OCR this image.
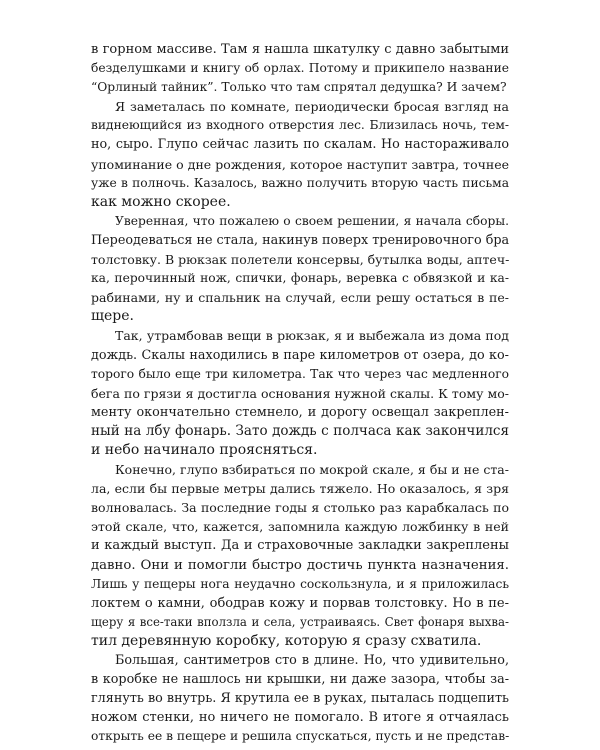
в горном массиве. Там я нашла шкатулку с давно забытыми
безделушками и книгу об орлах. Потому и прикипело название
“Орлиный тайник”. Только что там спрятал дедушка? И зачем?
Я заметалась по комнате, периодически бросая взгляд на
виднеющийся из входного отверстия лес. Близилась ночь, тем-
но, сыро. Глупо сейчас лазить по скалам. Но настораживало
упоминание о дне рождения, которое наступит завтра, точнее
уже в полночь. Казалось, важно получить вторую часть письма
как можно скорее.
Уверенная, что пожалею о своем решении, я начала сборы.
Переодеваться не стала, накинув поверх тренировочного бра
толстовку. В рюкзак полетели консервы, бутылка воды, аптеч-
ка, перочинный нож, спички, фонарь, веревка с обвязкой и ка-
рабинами, ну и спальник на случай, если решу остаться в пе-
щере.
Так, утрамбовав вещи в рюкзак, я и выбежала из дома под
дождь. Скалы находились в паре километров от озера, до ко-
торого было еще три километра. Так что через час медленного
бега по грязи я достигла основания нужной скалы. К тому мо-
менту окончательно стемнело, и дорогу освещал закреплен-
ный на лбу фонарь. Зато дождь с полчаса как закончился
и небо начинало проясняться.
Конечно, глупо взбираться по мокрой скале, я бы и не ста-
ла, если бы первые метры дались тяжело. Но оказалось, я зря
волновалась. За последние годы я столько раз карабкалась по
этой скале, что, кажется, запомнила каждую ложбинку в ней
и каждый выступ. Да и страховочные закладки закреплены
давно. Они и помогли быстро достичь пункта назначения.
Лишь у пещеры нога неудачно соскользнула, и я приложилась
локтем о камни, ободрав кожу и порвав толстовку. Но в пе-
щеру я все-таки вползла и села, устраиваясь. Свет фонаря выхва-
тил деревянную коробку, которую я сразу схватила.
Большая, сантиметров сто в длине. Но, что удивительно,
в коробке не нашлось ни крышки, ни даже зазора, чтобы за-
глянуть во внутрь. Я крутила ее в руках, пыталась подцепить
ножом стенки, но ничего не помогало. В итоге я отчаялась
открыть ее в пещере и решила спускаться, пусть и не представ-
